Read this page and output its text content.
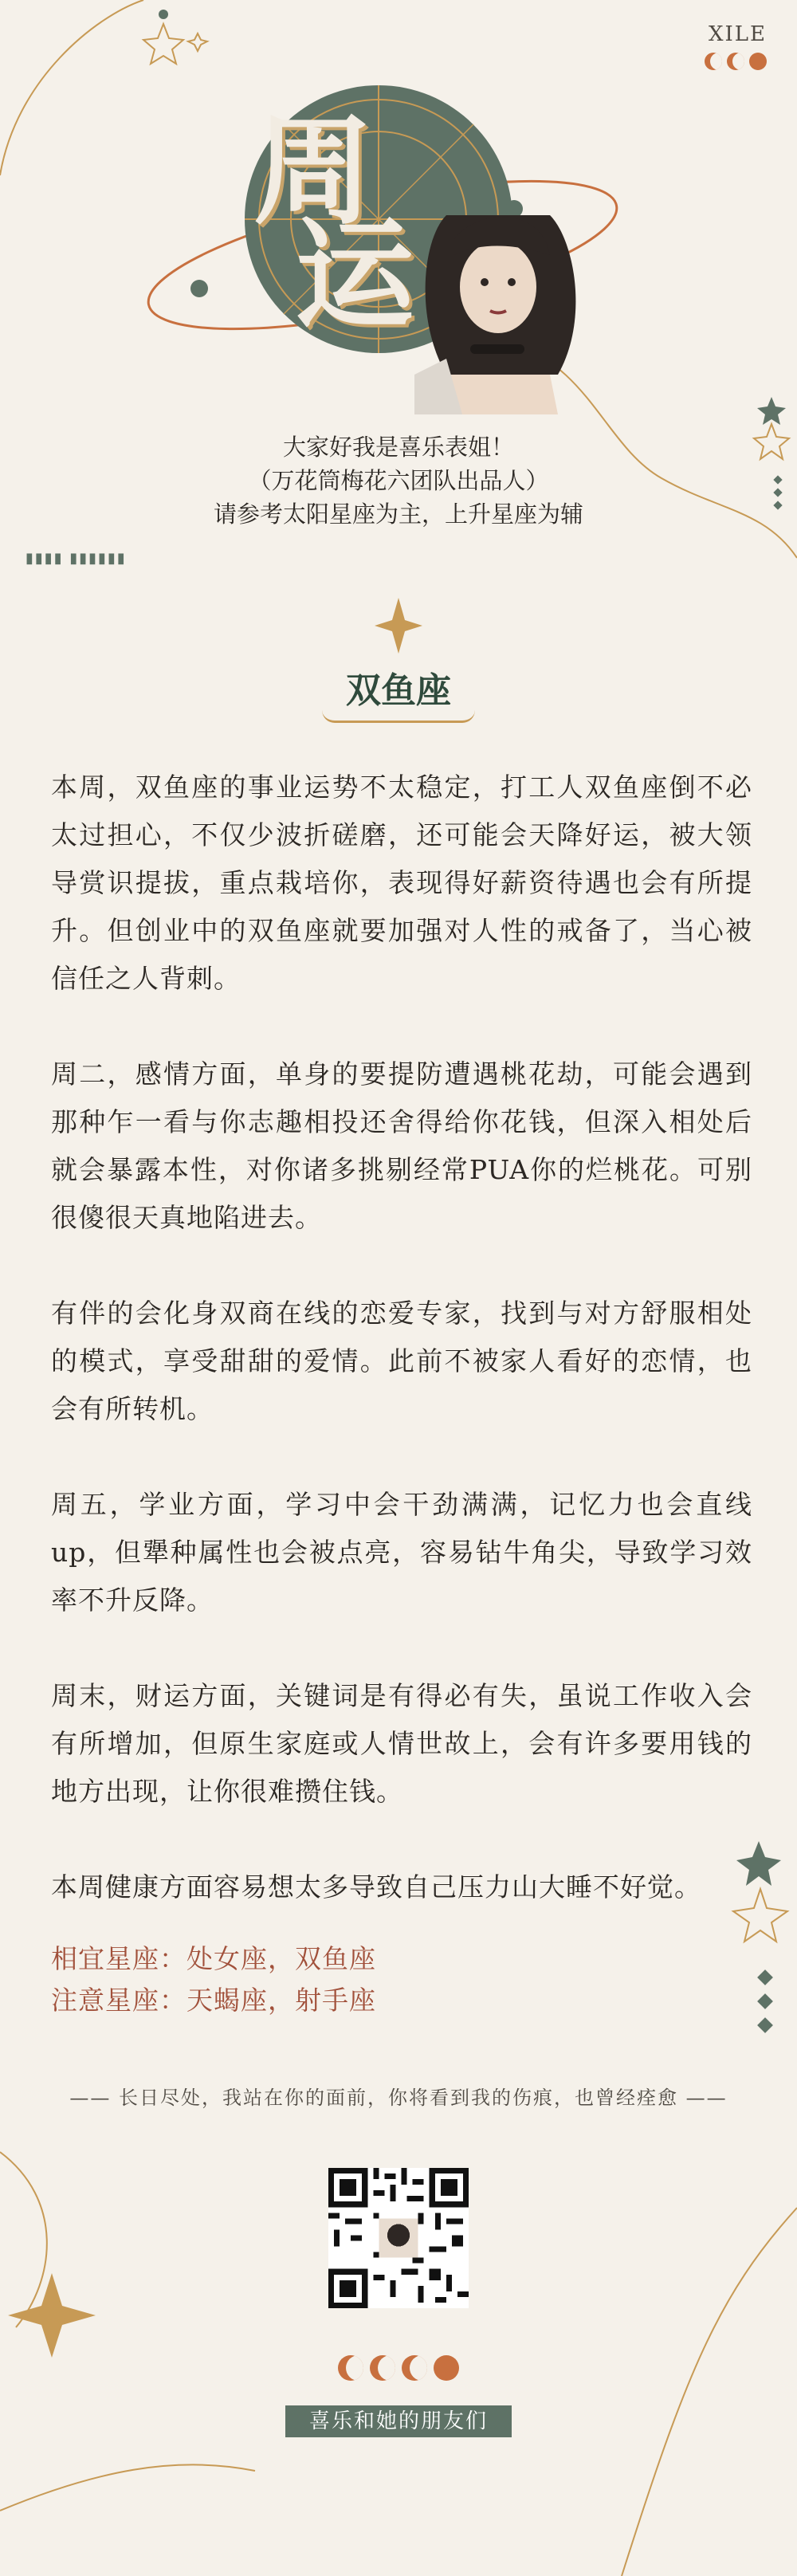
周
运
XILE
大家好我是喜乐表姐！
（万花筒梅花六团队出品人）
请参考太阳星座为主，上升星座为辅
▮▮▮▮ ▮▮▮▮▮▮
双鱼座

本周，双鱼座的事业运势不太稳定，打工人双鱼座倒不必太过担心，不仅少波折磋磨，还可能会天降好运，被大领导赏识提拔，重点栽培你，表现得好薪资待遇也会有所提升。但创业中的双鱼座就要加强对人性的戒备了，当心被信任之人背刺。

周二，感情方面，单身的要提防遭遇桃花劫，可能会遇到那种乍一看与你志趣相投还舍得给你花钱，但深入相处后就会暴露本性，对你诸多挑剔经常PUA你的烂桃花。可别很傻很天真地陷进去。

有伴的会化身双商在线的恋爱专家，找到与对方舒服相处的模式，享受甜甜的爱情。此前不被家人看好的恋情，也会有所转机。

周五，学业方面，学习中会干劲满满，记忆力也会直线up，但犟种属性也会被点亮，容易钻牛角尖，导致学习效率不升反降。

周末，财运方面，关键词是有得必有失，虽说工作收入会有所增加，但原生家庭或人情世故上，会有许多要用钱的地方出现，让你很难攒住钱。

本周健康方面容易想太多导致自己压力山大睡不好觉。

相宜星座：处女座，双鱼座
注意星座：天蝎座，射手座
—— 长日尽处，我站在你的面前，你将看到我的伤痕，也曾经痊愈 ——
喜乐和她的朋友们
